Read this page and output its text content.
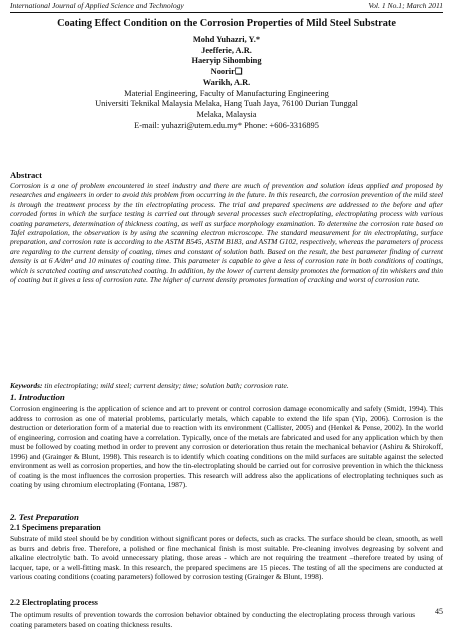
International Journal of Applied Science and Technology	Vol. 1 No.1; March 2011
Coating Effect Condition on the Corrosion Properties of Mild Steel Substrate
Mohd Yuhazri, Y.*
Jeefferie, A.R.
Haeryip Sihombing
Noorir❑
Warikh, A.R.
Material Engineering, Faculty of Manufacturing Engineering
Universiti Teknikal Malaysia Melaka, Hang Tuah Jaya, 76100 Durian Tunggal
Melaka, Malaysia
E-mail: yuhazri@utem.edu.my* Phone: +606-3316895
Abstract

Corrosion is a one of problem encountered in steel industry and there are much of prevention and solution ideas applied and proposed by researches and engineers in order to avoid this problem from occurring in the future. In this research, the corrosion prevention of the mild steel is through the treatment process by the tin electroplating process. The trial and prepared specimens are addressed to the before and after corroded forms in which the surface testing is carried out through several processes such electroplating, electroplating process with various coating parameters, determination of thickness coating, as well as surface morphology examination. To determine the corrosion rate based on Tafel extrapolation, the observation is by using the scanning electron microscope. The standard measurement for tin electroplating, surface preparation, and corrosion rate is according to the ASTM B545, ASTM B183, and ASTM G102, respectively, whereas the parameters of process are regarding to the current density of coating, times and constant of solution bath. Based on the result, the best parameter finding of current density is at 6 A/dm² and 10 minutes of coating time. This parameter is capable to give a less of corrosion rate in both conditions of coatings, which is scratched coating and unscratched coating. In addition, by the lower of current density promotes the formation of tin whiskers and thin of coating but it gives a less of corrosion rate. The higher of current density promotes formation of cracking and worst of corrosion rate.

Keywords: tin electroplating; mild steel; current density; time; solution bath; corrosion rate.

1. Introduction

Corrosion engineering is the application of science and art to prevent or control corrosion damage economically and safely (Smidt, 1994). This address to corrosion as one of material problems, particularly metals, which capable to extend the life span (Yip, 2006). Corrosion is the destruction or deterioration form of a material due to reaction with its environment (Callister, 2005) and (Henkel & Pense, 2002). In the world of engineering, corrosion and coating have a correlation. Typically, once of the metals are fabricated and used for any application which by then must be followed by coating method in order to prevent any corrosion or deterioration thus retain the mechanical behavior (Ashiru & Shirokoff, 1996) and (Grainger & Blunt, 1998). This research is to identify which coating conditions on the mild surfaces are suitable against the selected environment as well as corrosion properties, and how the tin-electroplating should be carried out for corrosive prevention in which the thickness of coating is the most influences the corrosion properties. This research will address also the applications of electroplating techniques such as coating by using chromium electroplating (Fontana, 1987).

2. Test Preparation
2.1 Specimens preparation

Substrate of mild steel should be by condition without significant pores or defects, such as cracks. The surface should be clean, smooth, as well as burrs and debris free. Therefore, a polished or fine mechanical finish is most suitable. Pre-cleaning involves degreasing by solvent and alkaline electrolytic bath. To avoid unnecessary plating, those areas - which are not requiring the treatment –therefore treated by using of lacquer, tape, or a well-fitting mask. In this research, the prepared specimens are 15 pieces. The testing of all the specimens are conducted at various coating conditions (coating parameters) followed by corrosion testing (Grainger & Blunt, 1998).

2.2 Electroplating process

The optimum results of prevention towards the corrosion behavior obtained by conducting the electroplating process through various coating parameters based on coating thickness results.

45
